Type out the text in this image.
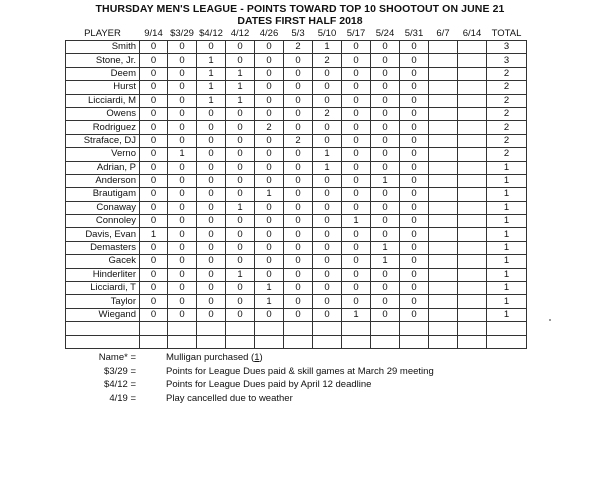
THURSDAY MEN'S LEAGUE - POINTS TOWARD TOP 10 SHOOTOUT ON JUNE 21
DATES FIRST HALF 2018
PLAYER	9/14	$3/29	$4/12	4/12	4/26	5/3	5/10	5/17	5/24	5/31	6/7	6/14	TOTAL
Smith	0	0	0	0	0	2	1	0	0	0			3
Stone, Jr.	0	0	1	0	0	0	2	0	0	0			3
Deem	0	0	1	1	0	0	0	0	0	0			2
Hurst	0	0	1	1	0	0	0	0	0	0			2
Licciardi, M	0	0	1	1	0	0	0	0	0	0			2
Owens	0	0	0	0	0	0	2	0	0	0			2
Rodriguez	0	0	0	0	2	0	0	0	0	0			2
Straface, DJ	0	0	0	0	0	2	0	0	0	0			2
Verno	0	1	0	0	0	0	1	0	0	0			2
Adrian, P	0	0	0	0	0	0	1	0	0	0			1
Anderson	0	0	0	0	0	0	0	0	1	0			1
Brautigam	0	0	0	0	1	0	0	0	0	0			1
Conaway	0	0	0	1	0	0	0	0	0	0			1
Connoley	0	0	0	0	0	0	0	1	0	0			1
Davis, Evan	1	0	0	0	0	0	0	0	0	0			1
Demasters	0	0	0	0	0	0	0	0	1	0			1
Gacek	0	0	0	0	0	0	0	0	1	0			1
Hinderliter	0	0	0	1	0	0	0	0	0	0			1
Licciardi, T	0	0	0	0	1	0	0	0	0	0			1
Taylor	0	0	0	0	1	0	0	0	0	0			1
Wiegand	0	0	0	0	0	0	0	1	0	0			1

Name* =	Mulligan purchased (1)
$3/29 =	Points for League Dues paid & skill games at March 29 meeting
$4/12 =	Points for League Dues paid by April 12 deadline
4/19 =	Play cancelled due to weather
